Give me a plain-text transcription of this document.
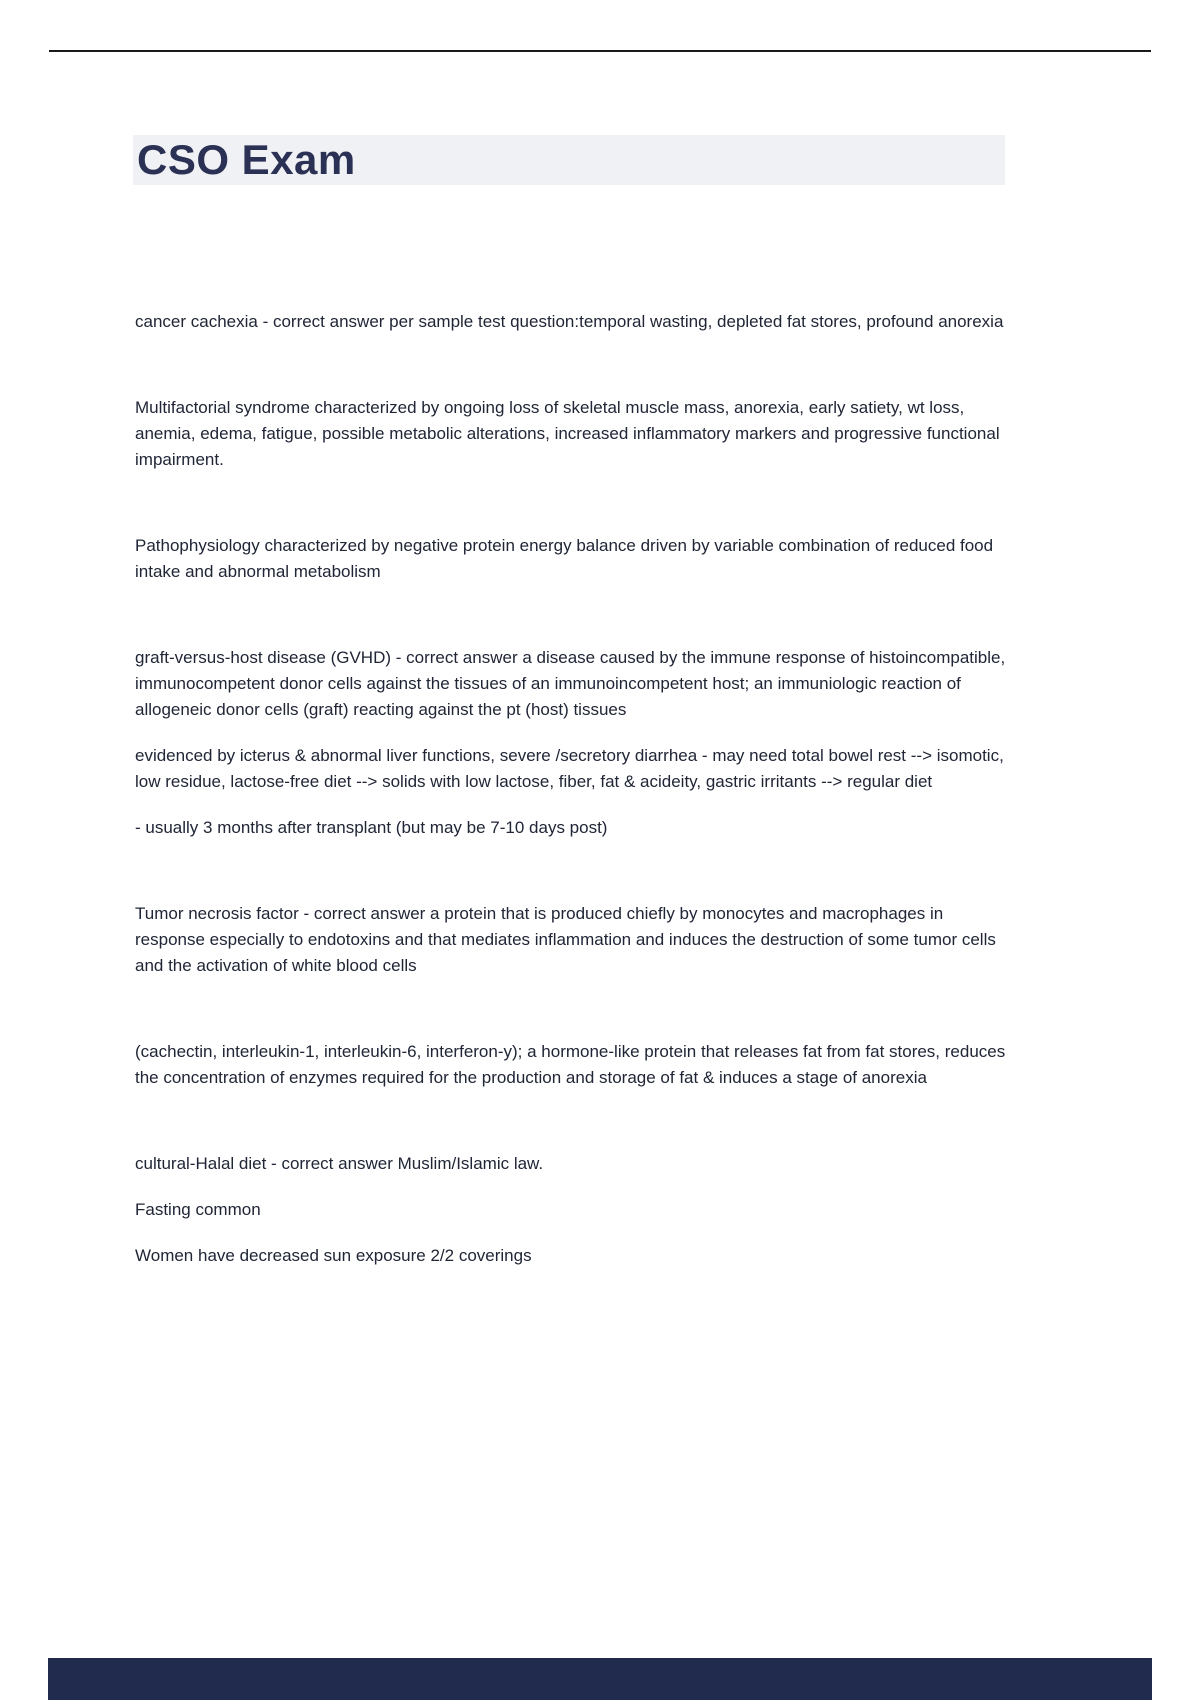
CSO Exam

cancer cachexia - correct answer per sample test question:temporal wasting, depleted fat stores, profound anorexia

Multifactorial syndrome characterized by ongoing loss of skeletal muscle mass, anorexia, early satiety, wt loss, anemia, edema, fatigue, possible metabolic alterations, increased inflammatory markers and progressive functional impairment.

Pathophysiology characterized by negative protein energy balance driven by variable combination of reduced food intake and abnormal metabolism

graft-versus-host disease (GVHD) - correct answer a disease caused by the immune response of histoincompatible, immunocompetent donor cells against the tissues of an immunoincompetent host; an immuniologic reaction of allogeneic donor cells (graft) reacting against the pt (host) tissues

evidenced by icterus & abnormal liver functions, severe /secretory diarrhea - may need total bowel rest --> isomotic, low residue, lactose-free diet --> solids with low lactose, fiber, fat & acideity, gastric irritants --> regular diet

- usually 3 months after transplant (but may be 7-10 days post)

Tumor necrosis factor - correct answer a protein that is produced chiefly by monocytes and macrophages in response especially to endotoxins and that mediates inflammation and induces the destruction of some tumor cells and the activation of white blood cells

(cachectin, interleukin-1, interleukin-6, interferon-y); a hormone-like protein that releases fat from fat stores, reduces the concentration of enzymes required for the production and storage of fat & induces a stage of anorexia

cultural-Halal diet - correct answer Muslim/Islamic law.

Fasting common

Women have decreased sun exposure 2/2 coverings
